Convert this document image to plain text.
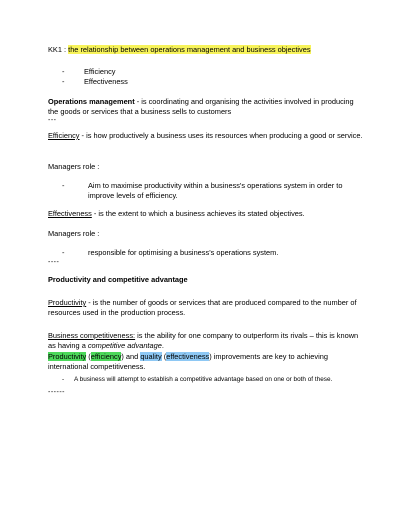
KK1 : the relationship between operations management and business objectives
-	Efficiency
-	Effectiveness
Operations management - is coordinating and organising the activities involved in producing the goods or services that a business sells to customers
---
Efficiency - is how productively a business uses its resources when producing a good or service.
Managers role :
-	Aim to maximise productivity within a business's operations system in order to improve levels of efficiency.
Effectiveness - is the extent to which a business achieves its stated objectives.
Managers role :
-	responsible for optimising a business's operations system.
----
Productivity and competitive advantage
Productivity - is the number of goods or services that are produced compared to the number of resources used in the production process.
Business competitiveness: is the ability for one company to outperform its rivals – this is known as having a competitive advantage.
Productivity (efficiency) and quality (effectiveness) improvements are key to achieving international competitiveness.
-	A business will attempt to establish a competitive advantage based on one or both of these.
------
